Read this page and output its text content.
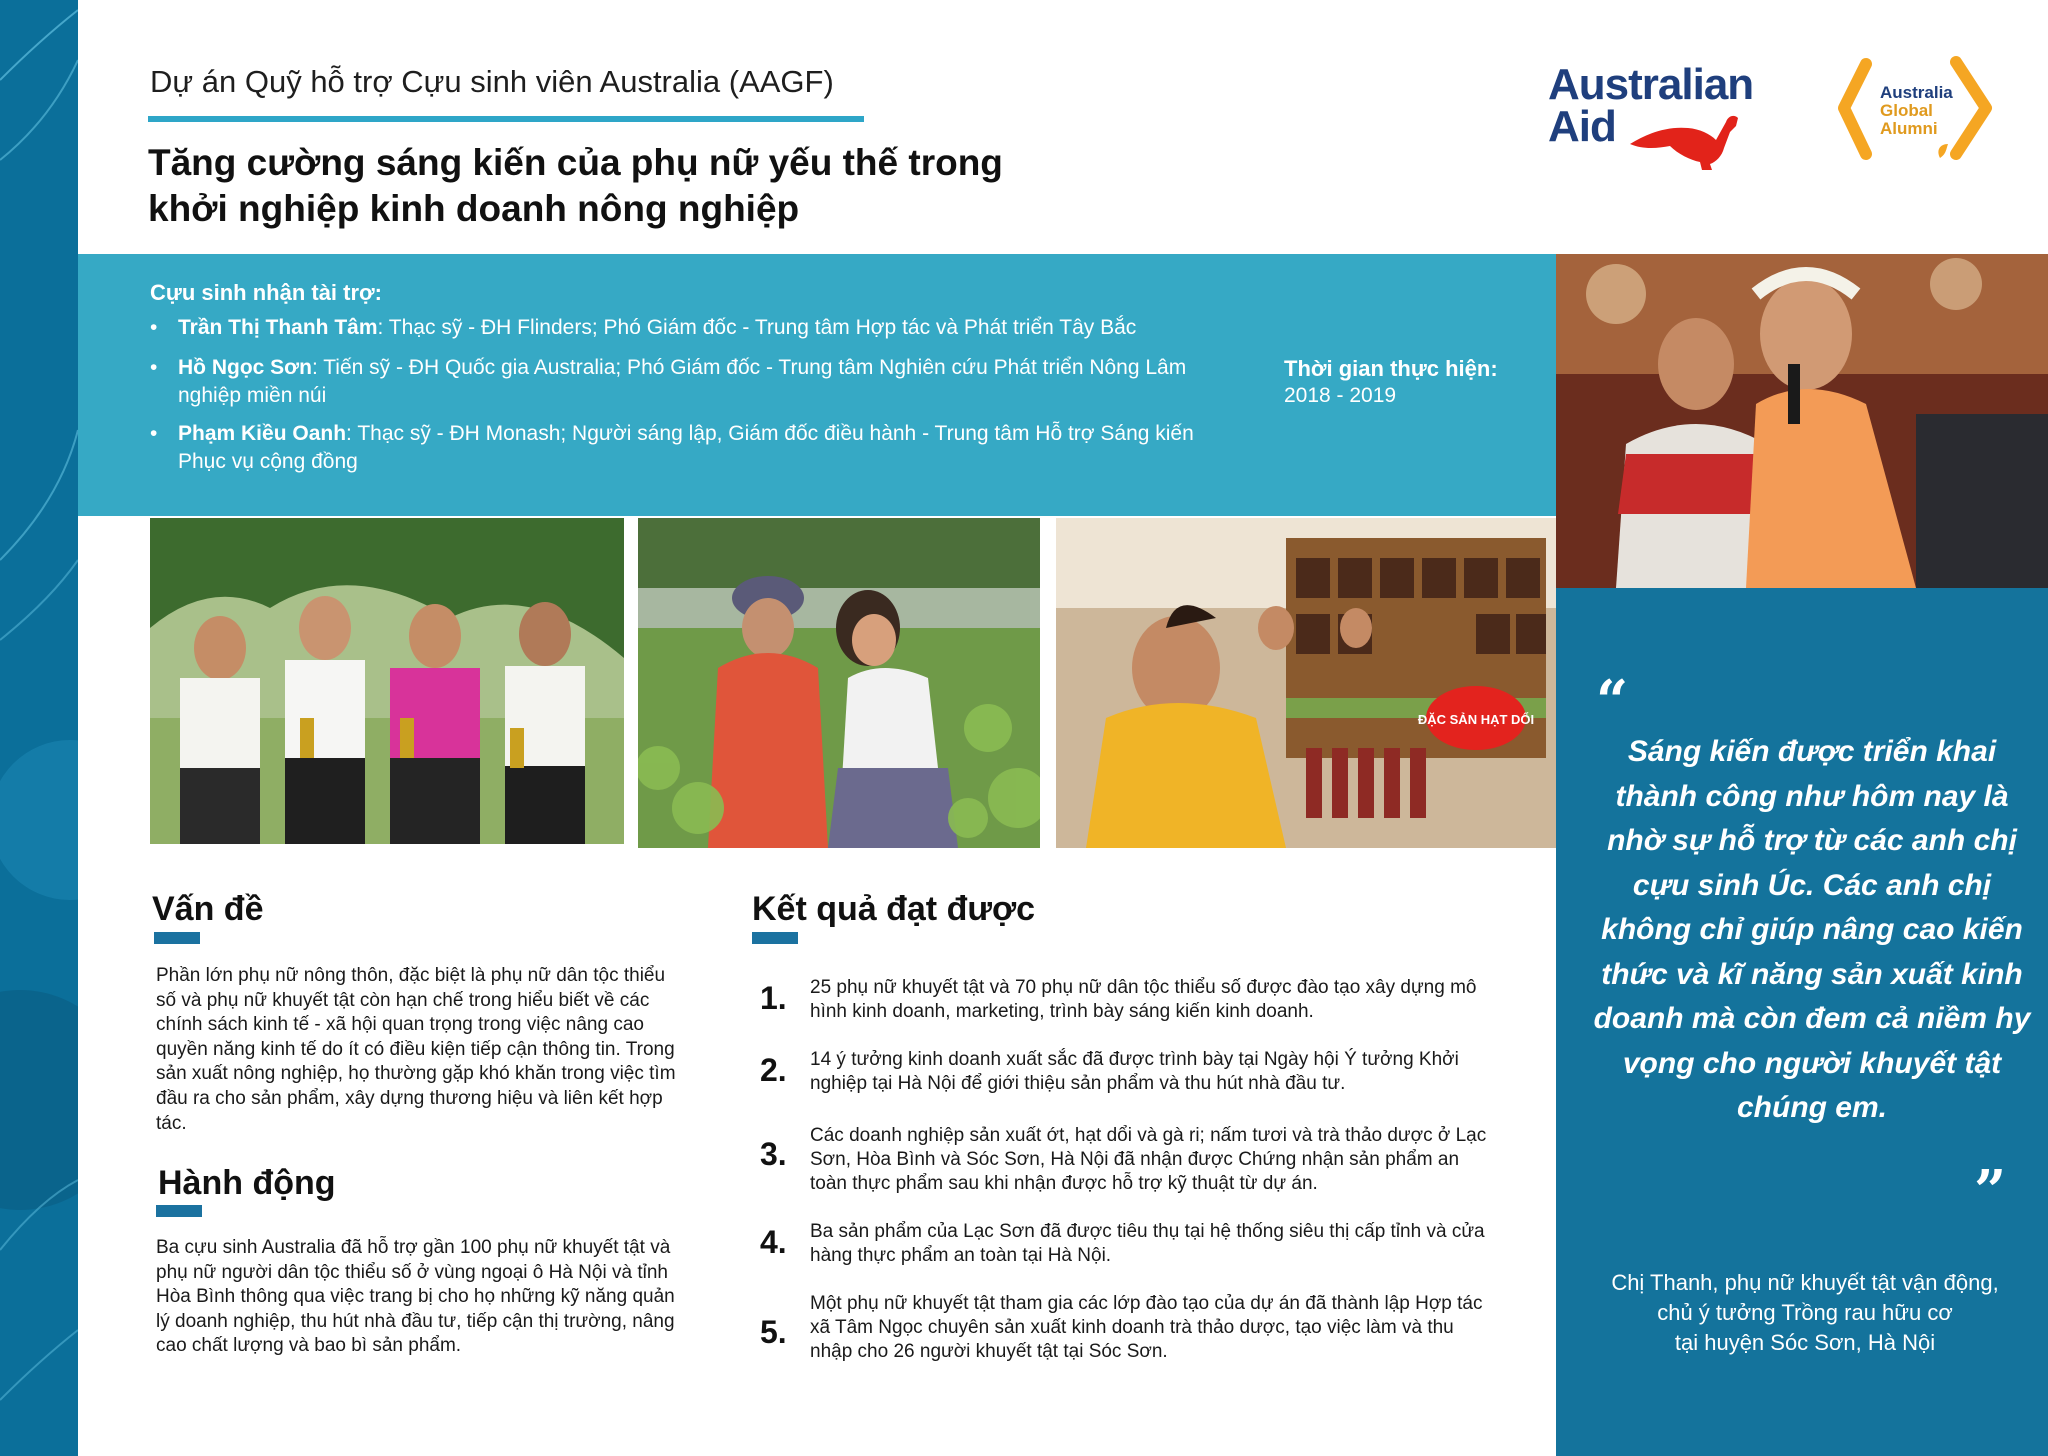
Dự án Quỹ hỗ trợ Cựu sinh viên Australia (AAGF)
Tăng cường sáng kiến của phụ nữ yếu thế trong
khởi nghiệp kinh doanh nông nghiệp
Australian
Aid
Australia
Global
Alumni
Cựu sinh nhận tài trợ:
• Trần Thị Thanh Tâm: Thạc sỹ - ĐH Flinders; Phó Giám đốc - Trung tâm Hợp tác và Phát triển Tây Bắc
• Hồ Ngọc Sơn: Tiến sỹ - ĐH Quốc gia Australia; Phó Giám đốc - Trung tâm Nghiên cứu Phát triển Nông Lâm nghiệp miền núi
• Phạm Kiều Oanh: Thạc sỹ - ĐH Monash; Người sáng lập, Giám đốc điều hành - Trung tâm Hỗ trợ Sáng kiến Phục vụ cộng đồng
Thời gian thực hiện:
2018 - 2019
ĐẶC SẢN HẠT DỔI “
Sáng kiến được triển khai thành công như hôm nay là nhờ sự hỗ trợ từ các anh chị cựu sinh Úc. Các anh chị không chỉ giúp nâng cao kiến thức và kĩ năng sản xuất kinh doanh mà còn đem cả niềm hy vọng cho người khuyết tật chúng em.
”
Chị Thanh, phụ nữ khuyết tật vận động,
chủ ý tưởng Trồng rau hữu cơ
tại huyện Sóc Sơn, Hà Nội
Vấn đề
Phần lớn phụ nữ nông thôn, đặc biệt là phụ nữ dân tộc thiểu số và phụ nữ khuyết tật còn hạn chế trong hiểu biết về các chính sách kinh tế - xã hội quan trọng trong việc nâng cao quyền năng kinh tế do ít có điều kiện tiếp cận thông tin. Trong sản xuất nông nghiệp, họ thường gặp khó khăn trong việc tìm đầu ra cho sản phẩm, xây dựng thương hiệu và liên kết hợp tác.
Hành động
Ba cựu sinh Australia đã hỗ trợ gần 100 phụ nữ khuyết tật và phụ nữ người dân tộc thiểu số ở vùng ngoại ô Hà Nội và tỉnh Hòa Bình thông qua việc trang bị cho họ những kỹ năng quản lý doanh nghiệp, thu hút nhà đầu tư, tiếp cận thị trường, nâng cao chất lượng và bao bì sản phẩm.
Kết quả đạt được
1. 25 phụ nữ khuyết tật và 70 phụ nữ dân tộc thiểu số được đào tạo xây dựng mô hình kinh doanh, marketing, trình bày sáng kiến kinh doanh.
2. 14 ý tưởng kinh doanh xuất sắc đã được trình bày tại Ngày hội Ý tưởng Khởi nghiệp tại Hà Nội để giới thiệu sản phẩm và thu hút nhà đầu tư.
3.
Các doanh nghiệp sản xuất ớt, hạt dổi và gà ri; nấm tươi và trà thảo dược ở Lạc Sơn, Hòa Bình và Sóc Sơn, Hà Nội đã nhận được Chứng nhận sản phẩm an toàn thực phẩm sau khi nhận được hỗ trợ kỹ thuật từ dự án.
4. Ba sản phẩm của Lạc Sơn đã được tiêu thụ tại hệ thống siêu thị cấp tỉnh và cửa hàng thực phẩm an toàn tại Hà Nội.
5.
Một phụ nữ khuyết tật tham gia các lớp đào tạo của dự án đã thành lập Hợp tác xã Tâm Ngọc chuyên sản xuất kinh doanh trà thảo dược, tạo việc làm và thu nhập cho 26 người khuyết tật tại Sóc Sơn.
